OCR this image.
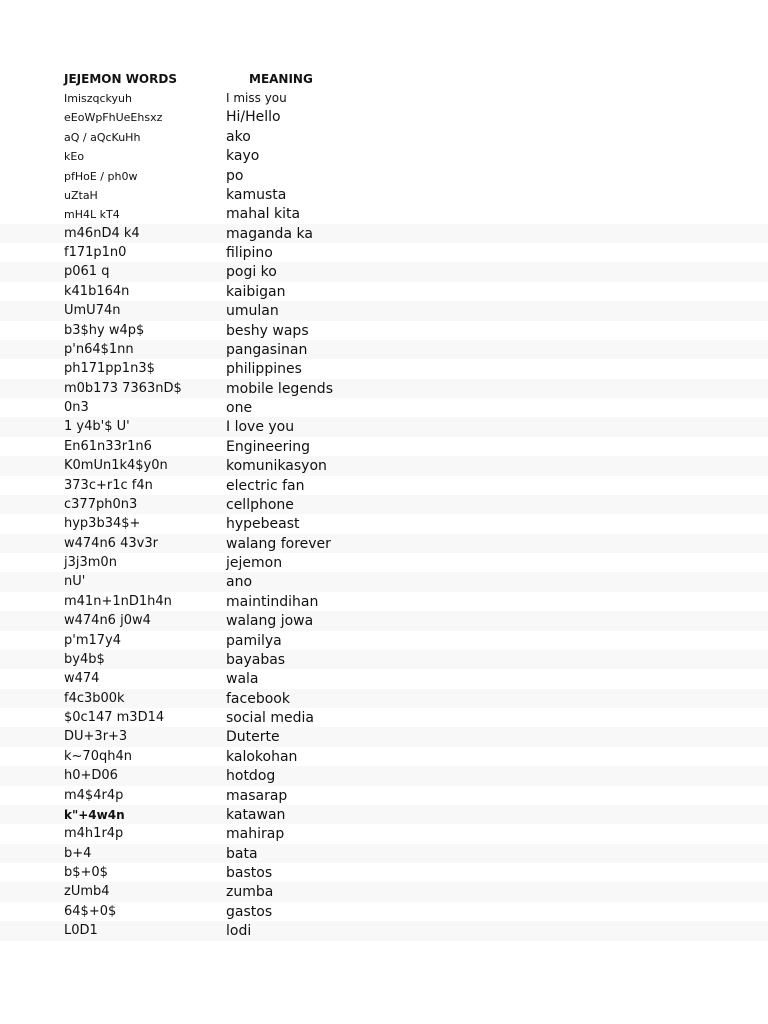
JEJEMON WORDS	MEANING
Imiszqckyuh	I miss you
eEoWpFhUeEhsxz	Hi/Hello
aQ / aQcKuHh	ako
kEo	kayo
pfHoE / ph0w	po
uZtaH	kamusta
mH4L kT4	mahal kita
m46nD4 k4	maganda ka
f171p1n0	filipino
p061 q	pogi ko
k41b164n	kaibigan
UmU74n	umulan
b3$hy w4p$	beshy waps
p'n64$1nn	pangasinan
ph171pp1n3$	philippines
m0b173 7363nD$	mobile legends
0n3	one
1 y4b'$ U'	I love you
En61n33r1n6	Engineering
K0mUn1k4$y0n	komunikasyon
373c+r1c f4n	electric fan
c377ph0n3	cellphone
hyp3b34$+	hypebeast
w474n6 43v3r	walang forever
j3j3m0n	jejemon
nU'	ano
m41n+1nD1h4n	maintindihan
w474n6 j0w4	walang jowa
p'm17y4	pamilya
by4b$	bayabas
w474	wala
f4c3b00k	facebook
$0c147 m3D14	social media
DU+3r+3	Duterte
k~70qh4n	kalokohan
h0+D06	hotdog
m4$4r4p	masarap
k"+4w4n	katawan
m4h1r4p	mahirap
b+4	bata
b$+0$	bastos
zUmb4	zumba
64$+0$	gastos
L0D1	lodi
